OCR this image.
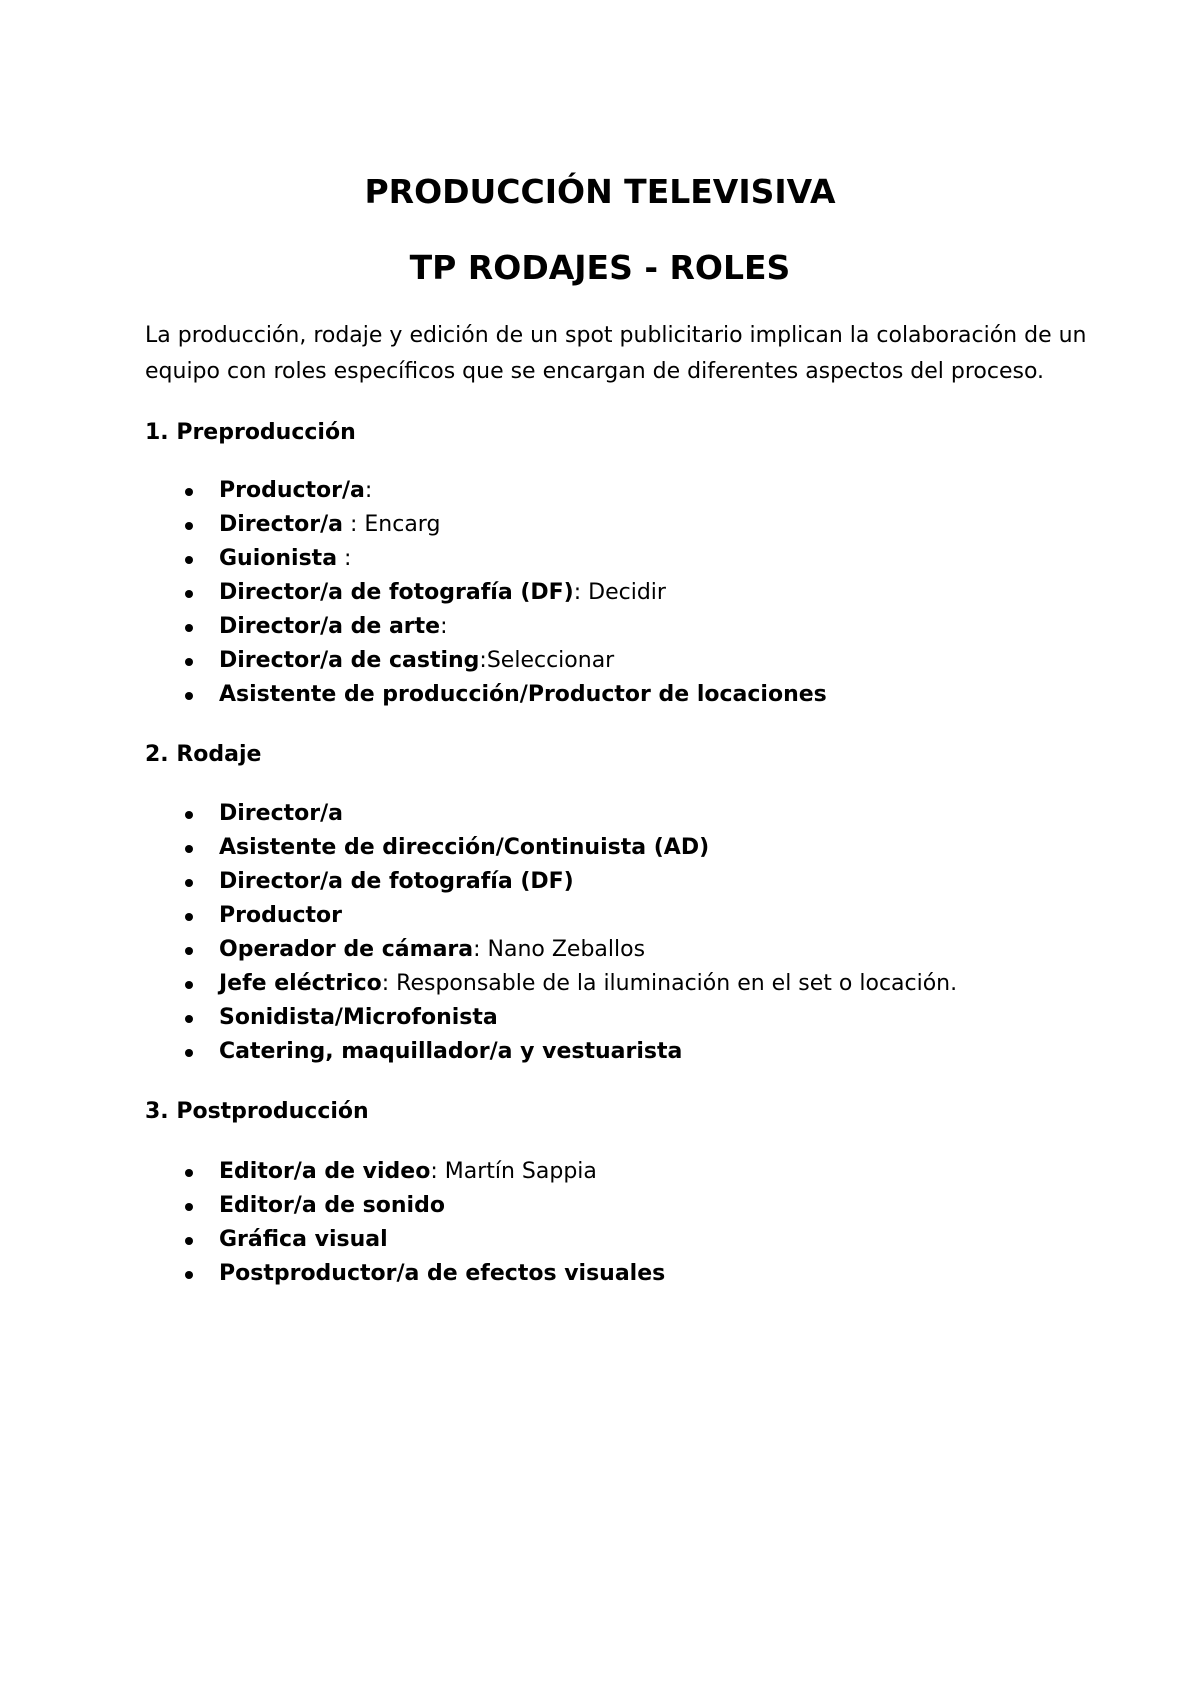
PRODUCCIÓN TELEVISIVA
TP RODAJES - ROLES

La producción, rodaje y edición de un spot publicitario implican la colaboración de un equipo con roles específicos que se encargan de diferentes aspectos del proceso.

1. Preproducción
Productor/a:
Director/a : Encarg
Guionista :
Director/a de fotografía (DF): Decidir
Director/a de arte:
Director/a de casting:Seleccionar
Asistente de producción/Productor de locaciones
2. Rodaje
Director/a
Asistente de dirección/Continuista (AD)
Director/a de fotografía (DF)
Productor
Operador de cámara: Nano Zeballos
Jefe eléctrico: Responsable de la iluminación en el set o locación.
Sonidista/Microfonista
Catering, maquillador/a y vestuarista
3. Postproducción
Editor/a de video: Martín Sappia
Editor/a de sonido
Gráfica visual
Postproductor/a de efectos visuales
